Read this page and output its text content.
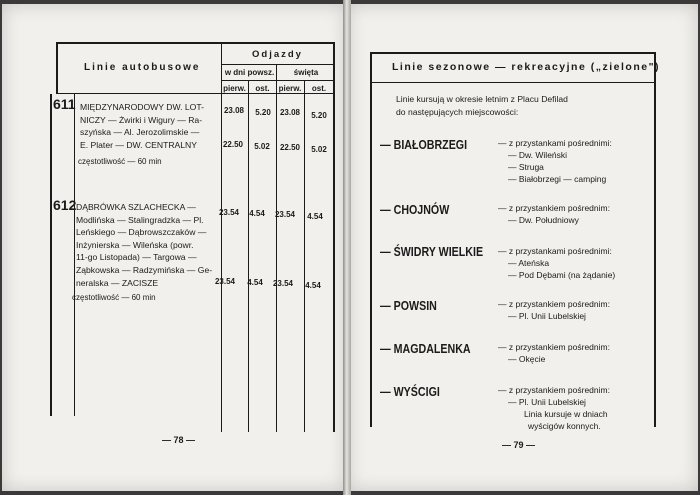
Linie autobusowe
Odjazdy
w dni powsz.	święta
pierw.	ost.	pierw.	ost.
611 MIĘDZYNARODOWY DW. LOT-
NICZY — Żwirki i Wigury — Ra-
szyńska — Al. Jerozolimskie —
E. Plater — DW. CENTRALNY
23.08	5.20	23.08	5.20
22.50	5.02	22.50	5.02
częstotliwość — 60 min
612 DĄBRÓWKA SZLACHECKA —
Modlińska — Stalingradzka — Pl.
Leńskiego — Dąbrowszczaków —
Inżynierska — Wileńska (powr.
11-go Listopada) — Targowa —
Ząbkowska — Radzymińska — Ge-
neralska — ZACISZE
23.54	4.54	23.54	4.54
23.54	4.54	23.54	4.54
częstotliwość — 60 min
— 78 —
Linie sezonowe — rekreacyjne („zielone")
Linie kursują w okresie letnim z Placu Defilad
do następujących miejscowości:
— BIAŁOBRZEGI	— z przystankami pośrednimi:
— Dw. Wileński
— Struga
— Białobrzegi — camping
— CHOJNÓW	— z przystankiem pośrednim:
— Dw. Południowy
— ŚWIDRY WIELKIE — z przystankami pośrednimi:
— Ateńska
— Pod Dębami (na żądanie)
— POWSIN	— z przystankiem pośrednim:
— Pl. Unii Lubelskiej
— MAGDALENKA	— z przystankiem pośrednim:
— Okęcie
— WYŚCIGI	— z przystankiem pośrednim:
— Pl. Unii Lubelskiej
Linia kursuje w dniach
wyścigów konnych.
— 79 —
